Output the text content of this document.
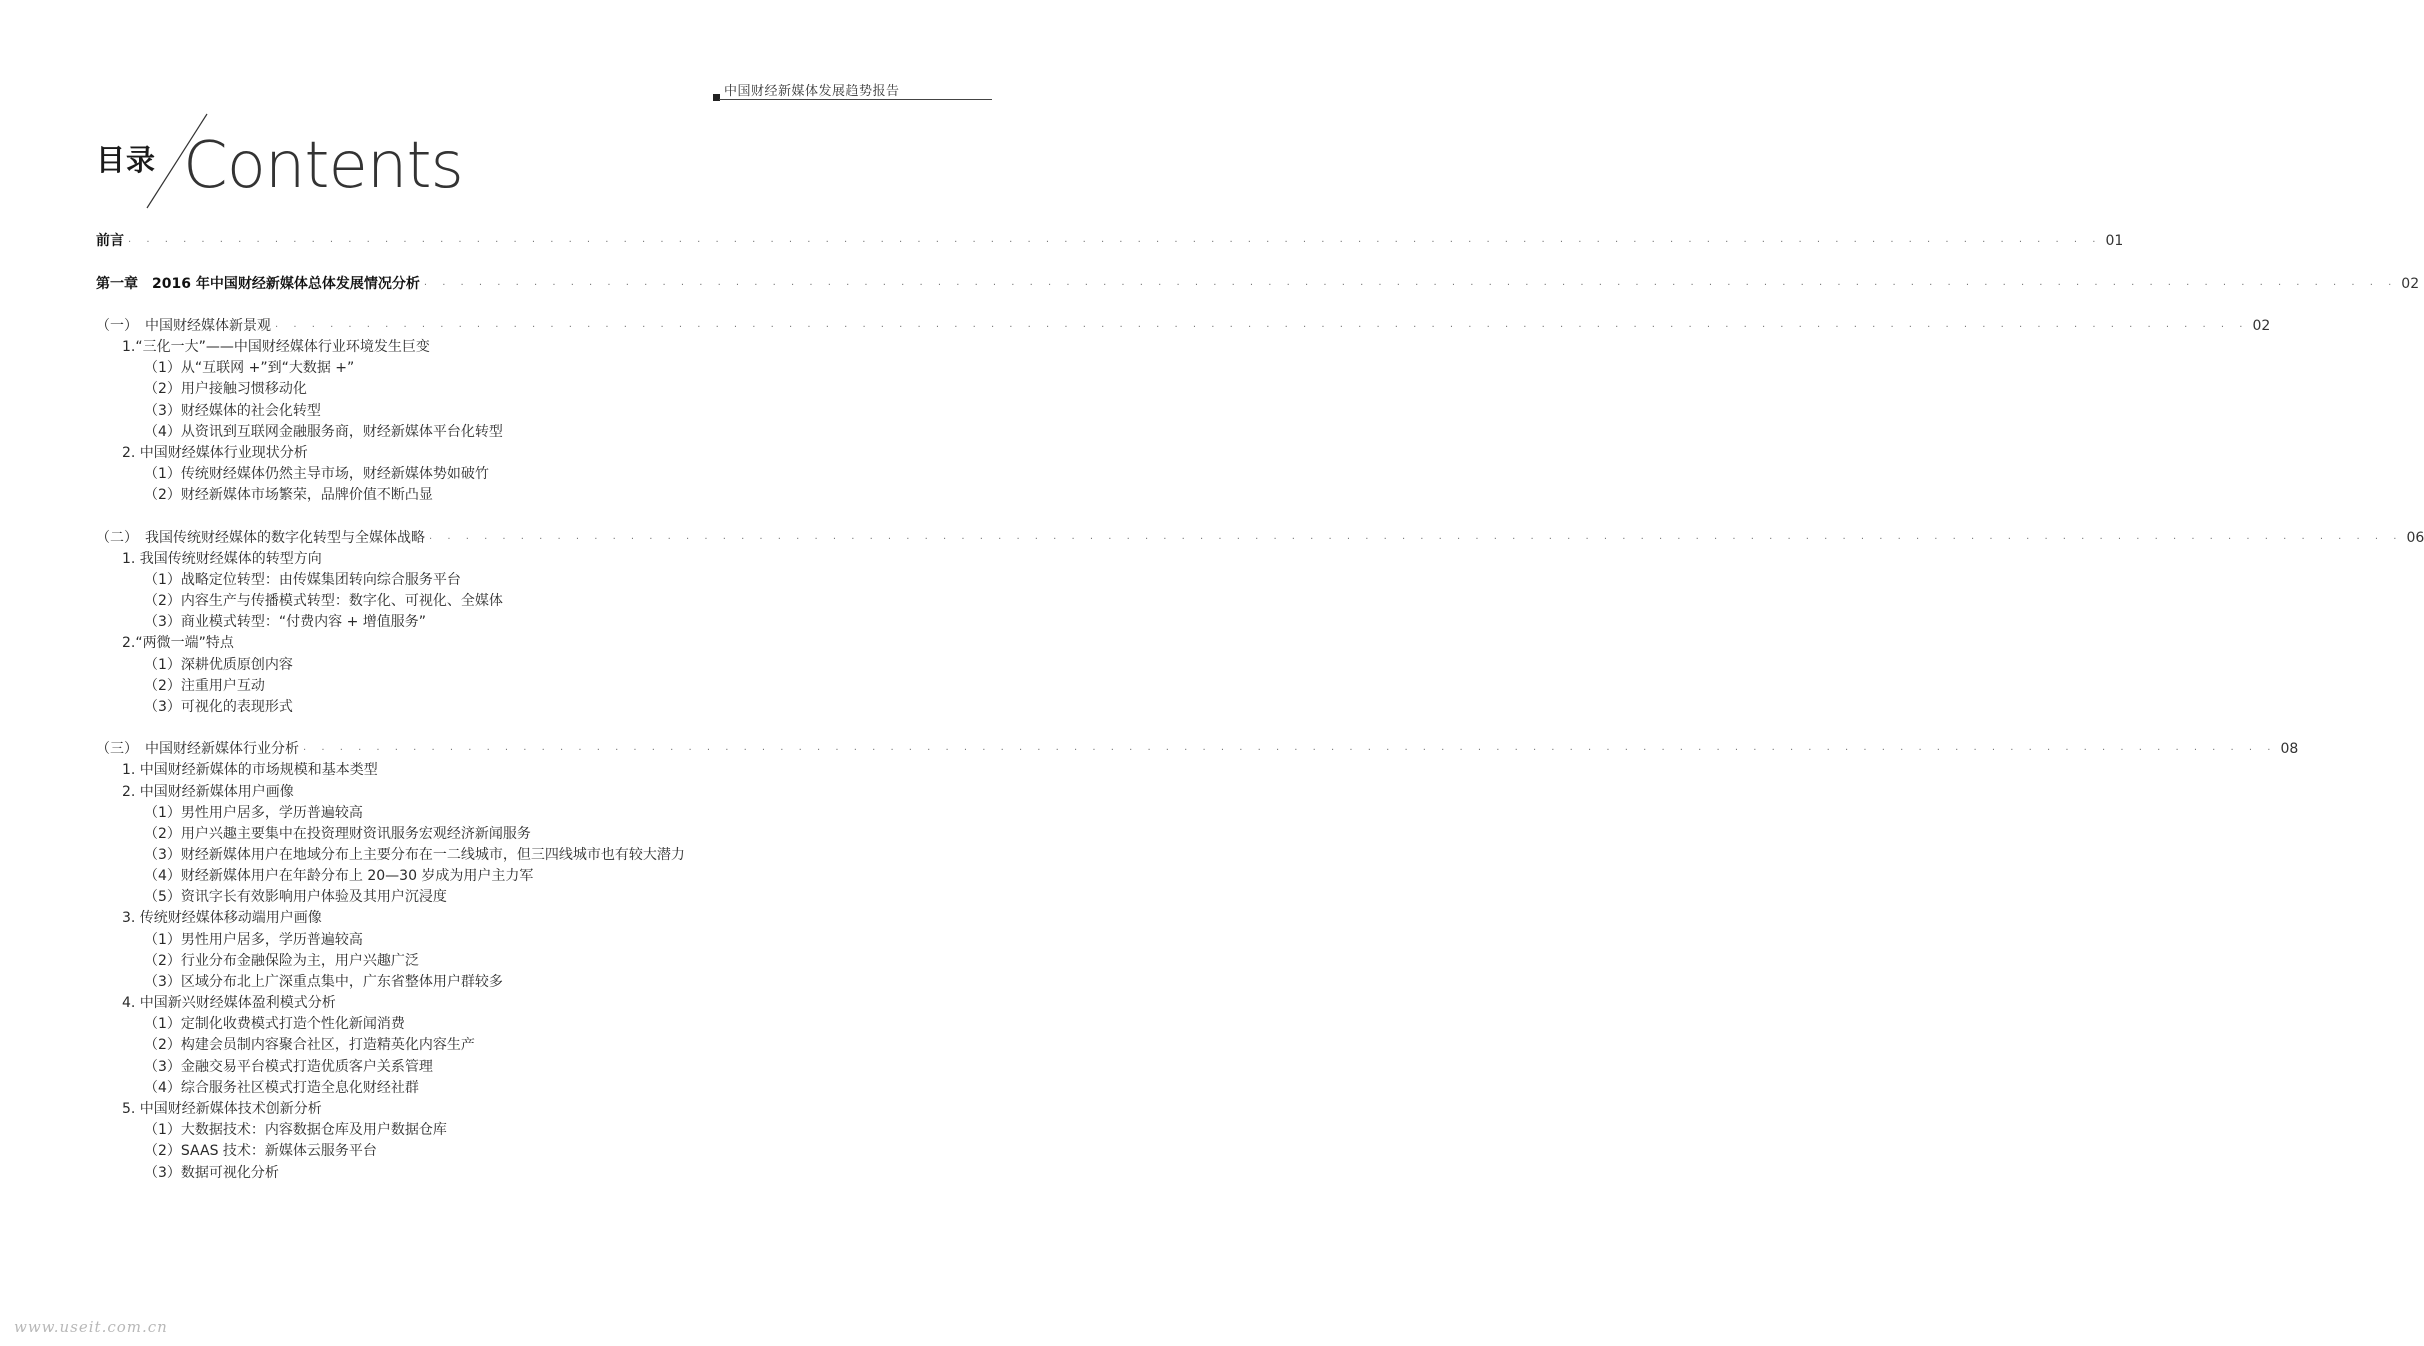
中国财经新媒体发展趋势报告
目录 Contents
前言 · · · · · · · · · · · · · · · · · · · · · · · · · · · · · · · · · · · · · · · · · · · · · · · · · · · · · · · · · · · · · · · · · · · · · · · · · · · · · · · · · · · · · · · · · · · · · · · · · · · · · · · · · · · · 01
第一章　2016 年中国财经新媒体总体发展情况分析 · · · · · · · · · · · · · · · · · · · · · · · · · · · · · · · · · · · · · · · · · · · · · · · · · · · · · · · · · · · · · · · · · · · · · · · · · · · · · · · · · · · · · · · · · · · · · · · · · · · · · · · · · · · · 02
（一）　中国财经媒体新景观 · · · · · · · · · · · · · · · · · · · · · · · · · · · · · · · · · · · · · · · · · · · · · · · · · · · · · · · · · · · · · · · · · · · · · · · · · · · · · · · · · · · · · · · · · · · · · · · · · · · · · · · · · · · · 02
1.“三化一大”——中国财经媒体行业环境发生巨变
（1）从“互联网 +”到“大数据 +”
（2）用户接触习惯移动化
（3）财经媒体的社会化转型
（4）从资讯到互联网金融服务商，财经新媒体平台化转型
2. 中国财经媒体行业现状分析
（1）传统财经媒体仍然主导市场，财经新媒体势如破竹
（2）财经新媒体市场繁荣，品牌价值不断凸显
（二）　我国传统财经媒体的数字化转型与全媒体战略 · · · · · · · · · · · · · · · · · · · · · · · · · · · · · · · · · · · · · · · · · · · · · · · · · · · · · · · · · · · · · · · · · · · · · · · · · · · · · · · · · · · · · · · · · · · · · · · · · · · · · · · · · · · · 06
1. 我国传统财经媒体的转型方向
（1）战略定位转型：由传媒集团转向综合服务平台
（2）内容生产与传播模式转型：数字化、可视化、全媒体
（3）商业模式转型：“付费内容 + 增值服务”
2.“两微一端”特点
（1）深耕优质原创内容
（2）注重用户互动
（3）可视化的表现形式
（三）　中国财经新媒体行业分析 · · · · · · · · · · · · · · · · · · · · · · · · · · · · · · · · · · · · · · · · · · · · · · · · · · · · · · · · · · · · · · · · · · · · · · · · · · · · · · · · · · · · · · · · · · · · · · · · · · · · · · · · · · · · 08
1. 中国财经新媒体的市场规模和基本类型
2. 中国财经新媒体用户画像
（1）男性用户居多，学历普遍较高
（2）用户兴趣主要集中在投资理财资讯服务宏观经济新闻服务
（3）财经新媒体用户在地域分布上主要分布在一二线城市，但三四线城市也有较大潜力
（4）财经新媒体用户在年龄分布上 20—30 岁成为用户主力军
（5）资讯字长有效影响用户体验及其用户沉浸度
3. 传统财经媒体移动端用户画像
（1）男性用户居多，学历普遍较高
（2）行业分布金融保险为主，用户兴趣广泛
（3）区域分布北上广深重点集中，广东省整体用户群较多
4. 中国新兴财经媒体盈利模式分析
（1）定制化收费模式打造个性化新闻消费
（2）构建会员制内容聚合社区，打造精英化内容生产
（3）金融交易平台模式打造优质客户关系管理
（4）综合服务社区模式打造全息化财经社群
5. 中国财经新媒体技术创新分析
（1）大数据技术：内容数据仓库及用户数据仓库
（2）SAAS 技术：新媒体云服务平台
（3）数据可视化分析
www.useit.com.cn
